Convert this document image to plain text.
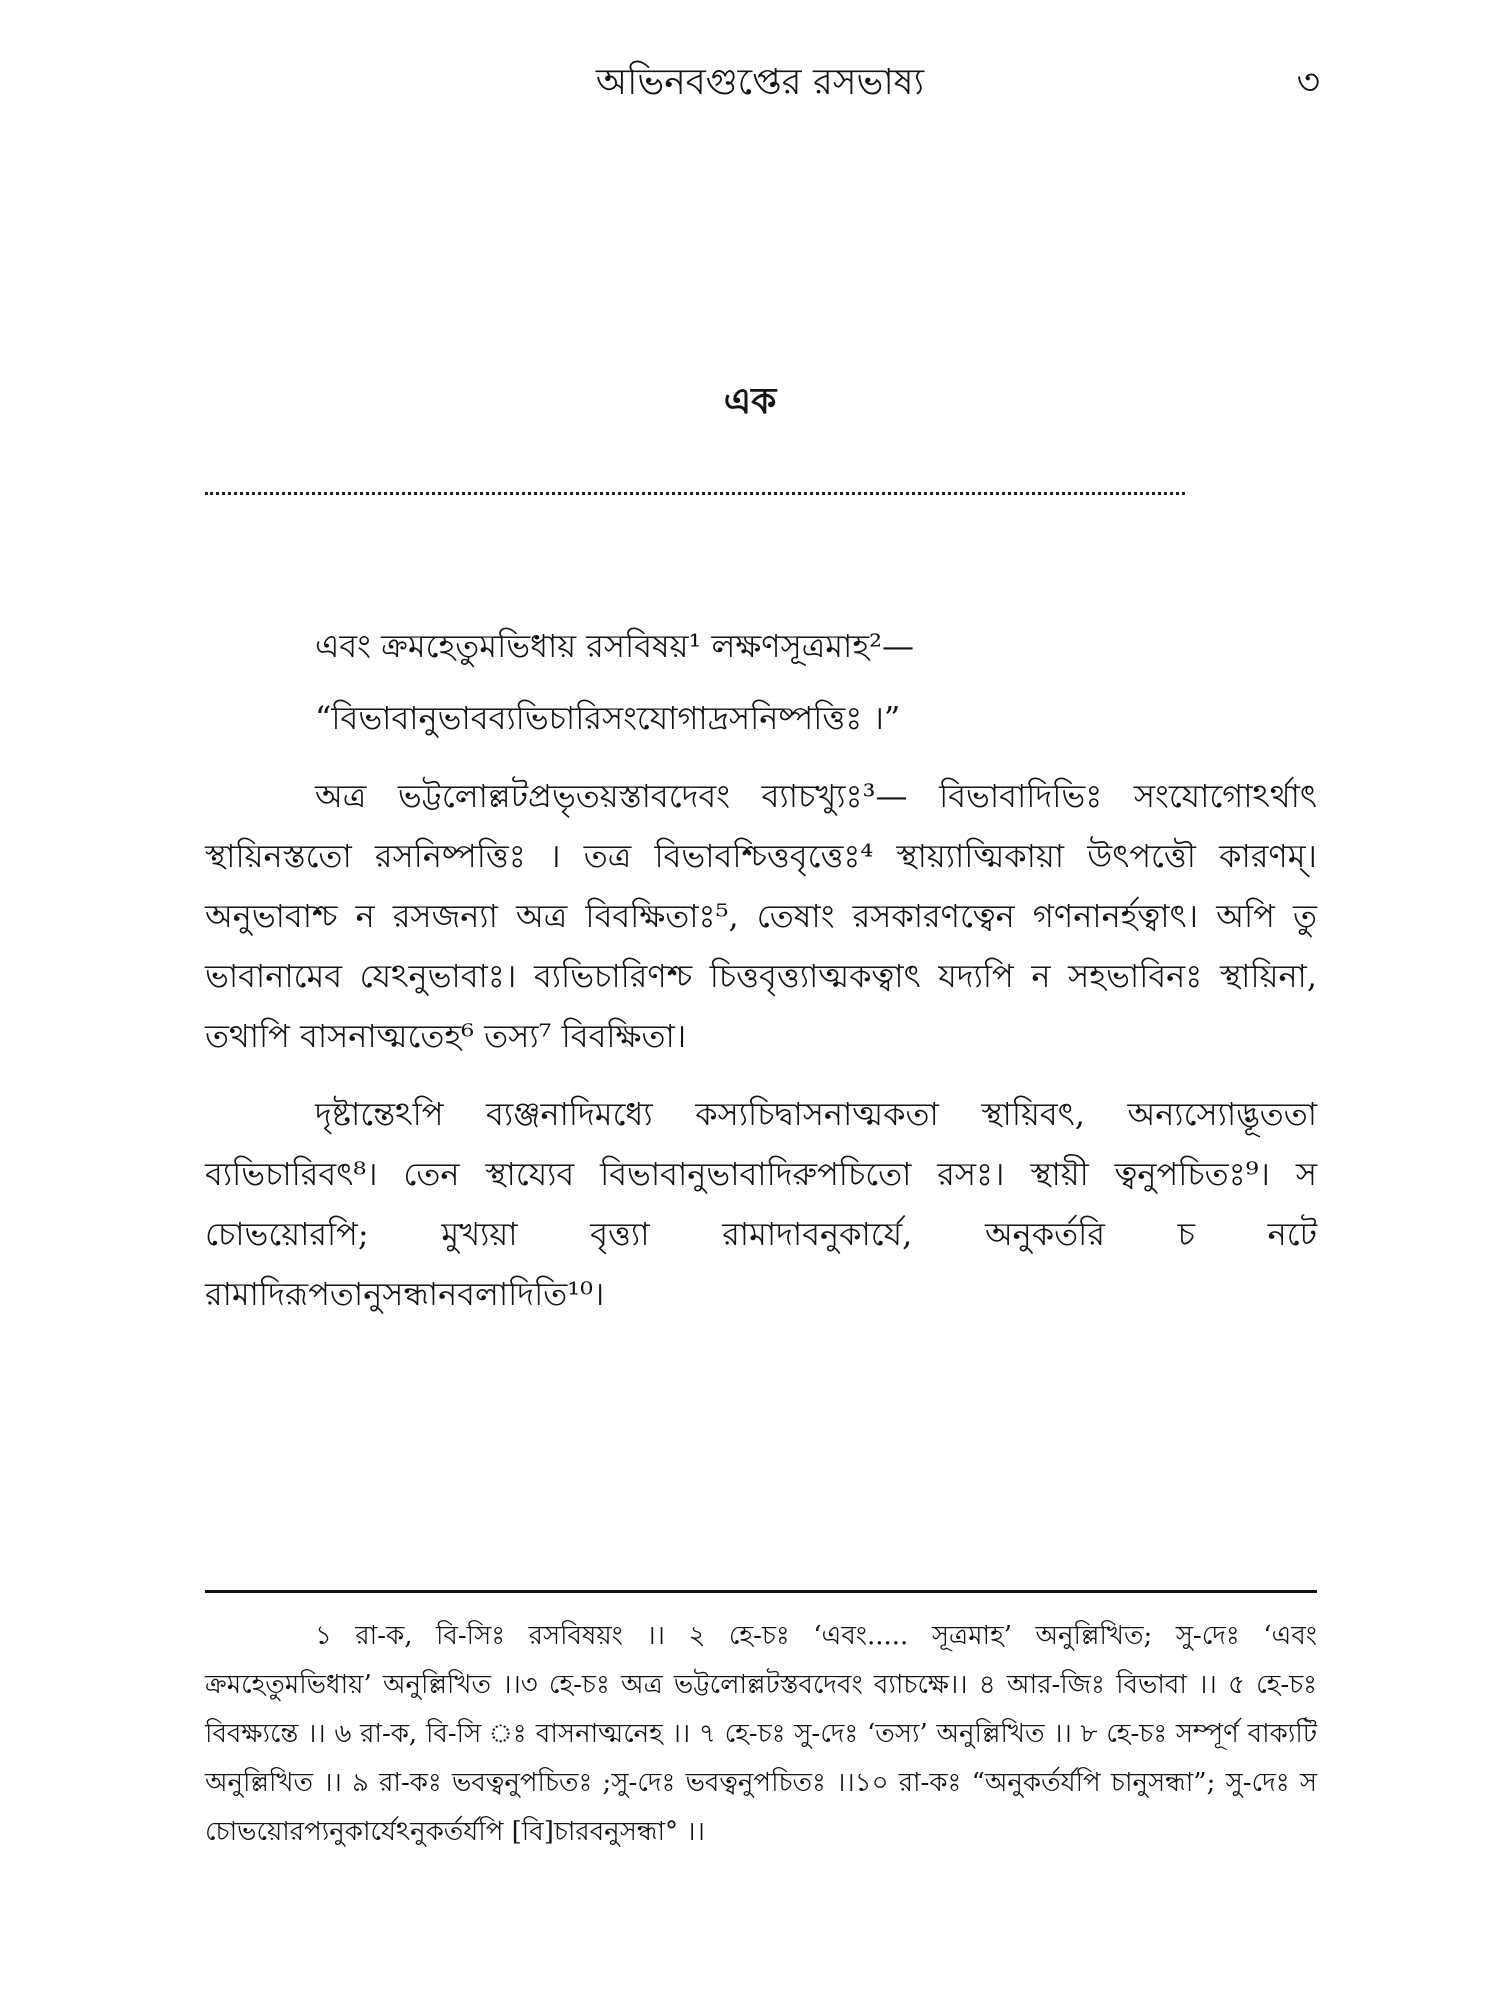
অভিনবগুপ্তের রসভাষ্য	৩
এক

এবং ক্রমহেতুমভিধায় রসবিষয়¹ লক্ষণসূত্রমাহ²—

“বিভাবানুভাবব্যভিচারিসংযোগাদ্রসনিষ্পত্তিঃ ।”

অত্র ভট্টলোল্লটপ্রভৃতয়স্তাবদেবং ব্যাচখ্যুঃ³— বিভাবাদিভিঃ সংযোগোঽর্থাৎ স্থায়িনস্ততো রসনিষ্পত্তিঃ । তত্র বিভাবশ্চিত্তবৃত্তেঃ⁴ স্থায়্যাত্মিকায়া উৎপত্তৌ কারণম্। অনুভাবাশ্চ ন রসজন্যা অত্র বিবক্ষিতাঃ⁵, তেষাং রসকারণত্বেন গণনানর্হত্বাৎ। অপি তু ভাবানামেব যেঽনুভাবাঃ। ব্যভিচারিণশ্চ চিত্তবৃত্ত্যাত্মকত্বাৎ যদ্যপি ন সহভাবিনঃ স্থায়িনা, তথাপি বাসনাত্মতেহ⁶ তস্য⁷ বিবক্ষিতা।

দৃষ্টান্তেঽপি ব্যঞ্জনাদিমধ্যে কস্যচিদ্বাসনাত্মকতা স্থায়িবৎ, অন্যস্যোদ্ভূততা ব্যভিচারিবৎ⁸। তেন স্থায্যেব বিভাবানুভাবাদিরুপচিতো রসঃ। স্থায়ী ত্বনুপচিতঃ⁹। স চোভয়োরপি; মুখ্যয়া বৃত্ত্যা রামাদাবনুকার্যে, অনুকর্তরি চ নটে রামাদিরূপতানুসন্ধানবলাদিতি¹⁰।

১ রা-ক, বি-সিঃ রসবিষয়ং ।। ২ হে-চঃ ‘এবং..... সূত্রমাহ’ অনুল্লিখিত; সু-দেঃ ‘এবং ক্রমহেতুমভিধায়’ অনুল্লিখিত ।।৩ হে-চঃ অত্র ভট্টলোল্লটস্তবদেবং ব্যাচক্ষে।। ৪ আর-জিঃ বিভাবা ।। ৫ হে-চঃ বিবক্ষ্যন্তে ।। ৬ রা-ক, বি-সি ঃ বাসনাত্মনেহ ।। ৭ হে-চঃ সু-দেঃ ‘তস্য’ অনুল্লিখিত ।। ৮ হে-চঃ সম্পূর্ণ বাক্যটি অনুল্লিখিত ।। ৯ রা-কঃ ভবত্বনুপচিতঃ ;সু-দেঃ ভবত্বনুপচিতঃ ।।১০ রা-কঃ “অনুকর্তর্যপি চানুসন্ধা”; সু-দেঃ স চোভয়োরপ্যনুকার্যেঽনুকর্তর্যপি [বি]চারবনুসন্ধা° ।।
